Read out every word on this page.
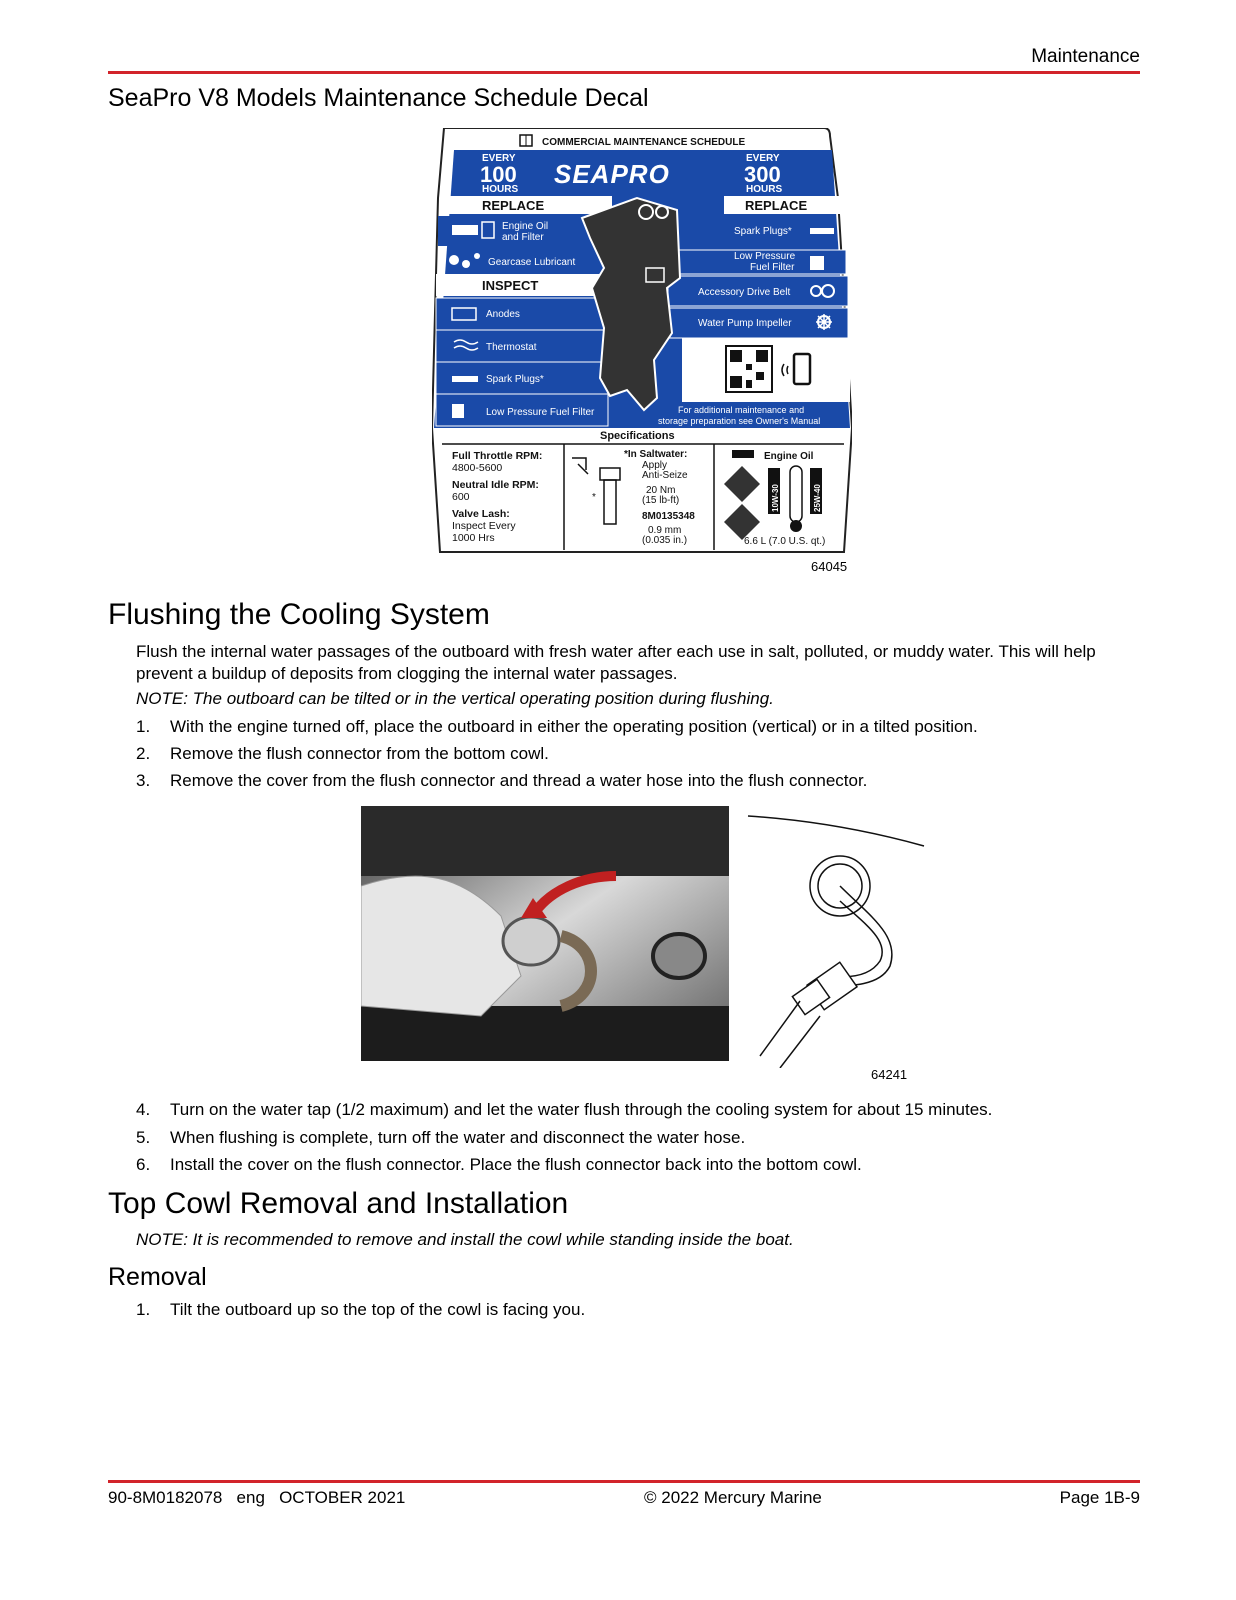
Maintenance
SeaPro V8 Models Maintenance Schedule Decal
COMMERCIAL MAINTENANCE SCHEDULE
EVERY
100
HOURS
SEAPRO
EVERY
300
HOURS
REPLACE	REPLACE
Engine Oil
and Filter
Gearcase Lubricant
INSPECT
Anodes
Thermostat
Spark Plugs*
Low Pressure Fuel Filter
Spark Plugs*
Low Pressure
Fuel Filter
Accessory Drive Belt
Water Pump Impeller
For additional maintenance and
storage preparation see Owner's Manual
Specifications
Full Throttle RPM:
4800-5600
Neutral Idle RPM:
600
Valve Lash:
Inspect Every
1000 Hrs
*
*In Saltwater:
Apply
Anti-Seize
20 Nm
(15 lb-ft)
8M0135348
0.9 mm
(0.035 in.)
Engine Oil
10W-30	25W-40
6.6 L (7.0 U.S. qt.)
64045
Flushing the Cooling System
Flush the internal water passages of the outboard with fresh water after each use in salt, polluted, or muddy water. This will help prevent a buildup of deposits from clogging the internal water passages.
NOTE: The outboard can be tilted or in the vertical operating position during flushing.
1. With the engine turned off, place the outboard in either the operating position (vertical) or in a tilted position.
2. Remove the flush connector from the bottom cowl.
3. Remove the cover from the flush connector and thread a water hose into the flush connector.
64241
4. Turn on the water tap (1/2 maximum) and let the water flush through the cooling system for about 15 minutes.
5. When flushing is complete, turn off the water and disconnect the water hose.
6. Install the cover on the flush connector. Place the flush connector back into the bottom cowl.
Top Cowl Removal and Installation
NOTE: It is recommended to remove and install the cowl while standing inside the boat.
Removal
1. Tilt the outboard up so the top of the cowl is facing you.
90-8M0182078   eng   OCTOBER 2021	© 2022 Mercury Marine	Page 1B-9
